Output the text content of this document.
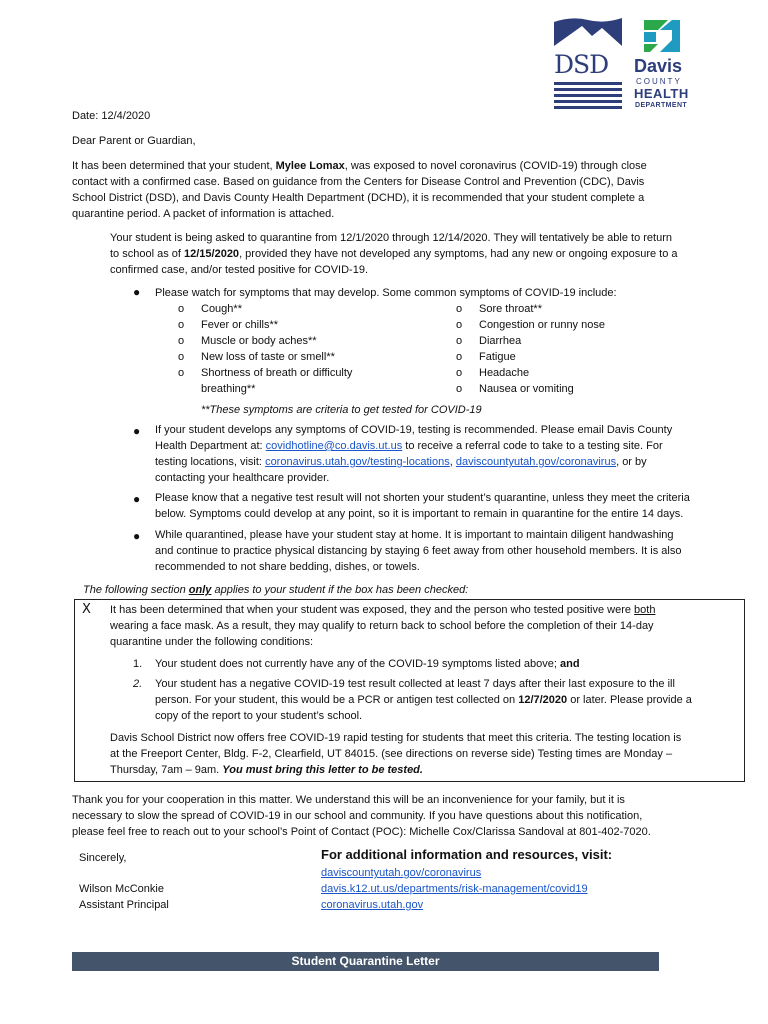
DSD Davis
COUNTY
HEALTH
DEPARTMENT

Date: 12/4/2020

Dear Parent or Guardian,

It has been determined that your student, Mylee Lomax, was exposed to novel coronavirus (COVID-19) through close

contact with a confirmed case. Based on guidance from the Centers for Disease Control and Prevention (CDC), Davis

School District (DSD), and Davis County Health Department (DCHD), it is recommended that your student complete a

quarantine period. A packet of information is attached.

Your student is being asked to quarantine from 12/1/2020 through 12/14/2020. They will tentatively be able to return

to school as of 12/15/2020, provided they have not developed any symptoms, had any new or ongoing exposure to a

confirmed case, and/or tested positive for COVID-19.

● Please watch for symptoms that may develop. Some common symptoms of COVID-19 include:

o Cough**

o Fever or chills**

o Muscle or body aches**

o New loss of taste or smell**

o Shortness of breath or difficulty

breathing**

o Sore throat**

o Congestion or runny nose

o Diarrhea

o Fatigue

o Headache

o Nausea or vomiting

**These symptoms are criteria to get tested for COVID-19

● If your student develops any symptoms of COVID-19, testing is recommended. Please email Davis County

Health Department at: covidhotline@co.davis.ut.us to receive a referral code to take to a testing site. For

testing locations, visit: coronavirus.utah.gov/testing-locations, daviscountyutah.gov/coronavirus, or by

contacting your healthcare provider.

● Please know that a negative test result will not shorten your student’s quarantine, unless they meet the criteria

below. Symptoms could develop at any point, so it is important to remain in quarantine for the entire 14 days.

● While quarantined, please have your student stay at home. It is important to maintain diligent handwashing

and continue to practice physical distancing by staying 6 feet away from other household members. It is also

recommended to not share bedding, dishes, or towels.

The following section only applies to your student if the box has been checked:

X It has been determined that when your student was exposed, they and the person who tested positive were both

wearing a face mask. As a result, they may qualify to return back to school before the completion of their 14-day

quarantine under the following conditions:

1. Your student does not currently have any of the COVID-19 symptoms listed above; and

2. Your student has a negative COVID-19 test result collected at least 7 days after their last exposure to the ill

person. For your student, this would be a PCR or antigen test collected on 12/7/2020 or later. Please provide a

copy of the report to your student’s school.

Davis School District now offers free COVID-19 rapid testing for students that meet this criteria. The testing location is

at the Freeport Center, Bldg. F-2, Clearfield, UT 84015. (see directions on reverse side) Testing times are Monday –

Thursday, 7am – 9am. You must bring this letter to be tested.

Thank you for your cooperation in this matter. We understand this will be an inconvenience for your family, but it is

necessary to slow the spread of COVID-19 in our school and community. If you have questions about this notification,

please feel free to reach out to your school’s Point of Contact (POC): Michelle Cox/Clarissa Sandoval at 801-402-7020.

Sincerely,

Wilson McConkie

Assistant Principal

For additional information and resources, visit:

daviscountyutah.gov/coronavirus

davis.k12.ut.us/departments/risk-management/covid19

coronavirus.utah.gov

Student Quarantine Letter
